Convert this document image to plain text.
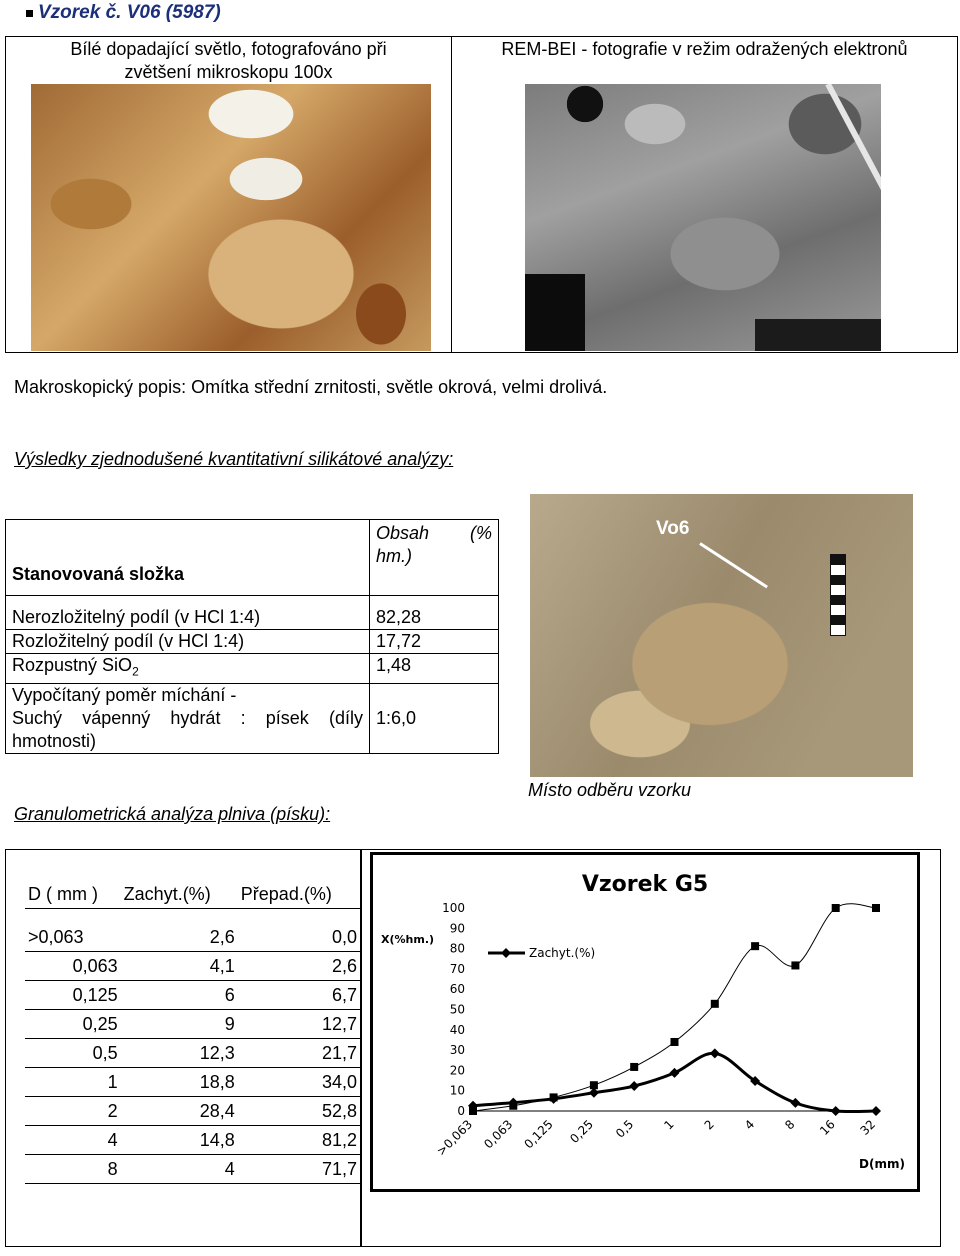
Vzorek č. V06 (5987)
Bílé dopadající světlo, fotografováno při
zvětšení mikroskopu 100x
REM-BEI - fotografie v režim odražených elektronů
Makroskopický popis: Omítka střední zrnitosti, světle okrová, velmi drolivá.
Výsledky zjednodušené kvantitativní silikátové analýzy:
Stanovovaná složka	Obsah (%

hm.)

Nerozložitelný podíl (v HCl 1:4)	82,28
Rozložitelný podíl (v HCl 1:4)	17,72
Rozpustný SiO$_2$	1,48
Vypočítaný poměr míchání -
Suchý vápenný hydrát : písek (díly
hmotnosti)	1:6,0
Vo6
Místo odběru vzorku
Granulometrická analýza plniva (písku):
D ( mm )	Zachyt.(%)	Přepad.(%)

>0,063	2,6	0,0
0,063	4,1	2,6
0,125	6	6,7
0,25	9	12,7
0,5	12,3	21,7
1	18,8	34,0
2	28,4	52,8
4	14,8	81,2
8	4	71,7
Vzorek G5
X(%hm.)
D(mm)
0
10
20
30
40
50
60
70
80
90
100
>0,063 0,063 0,125 0,25 0,5 1 2 4 8 16 32
Zachyt.(%)
